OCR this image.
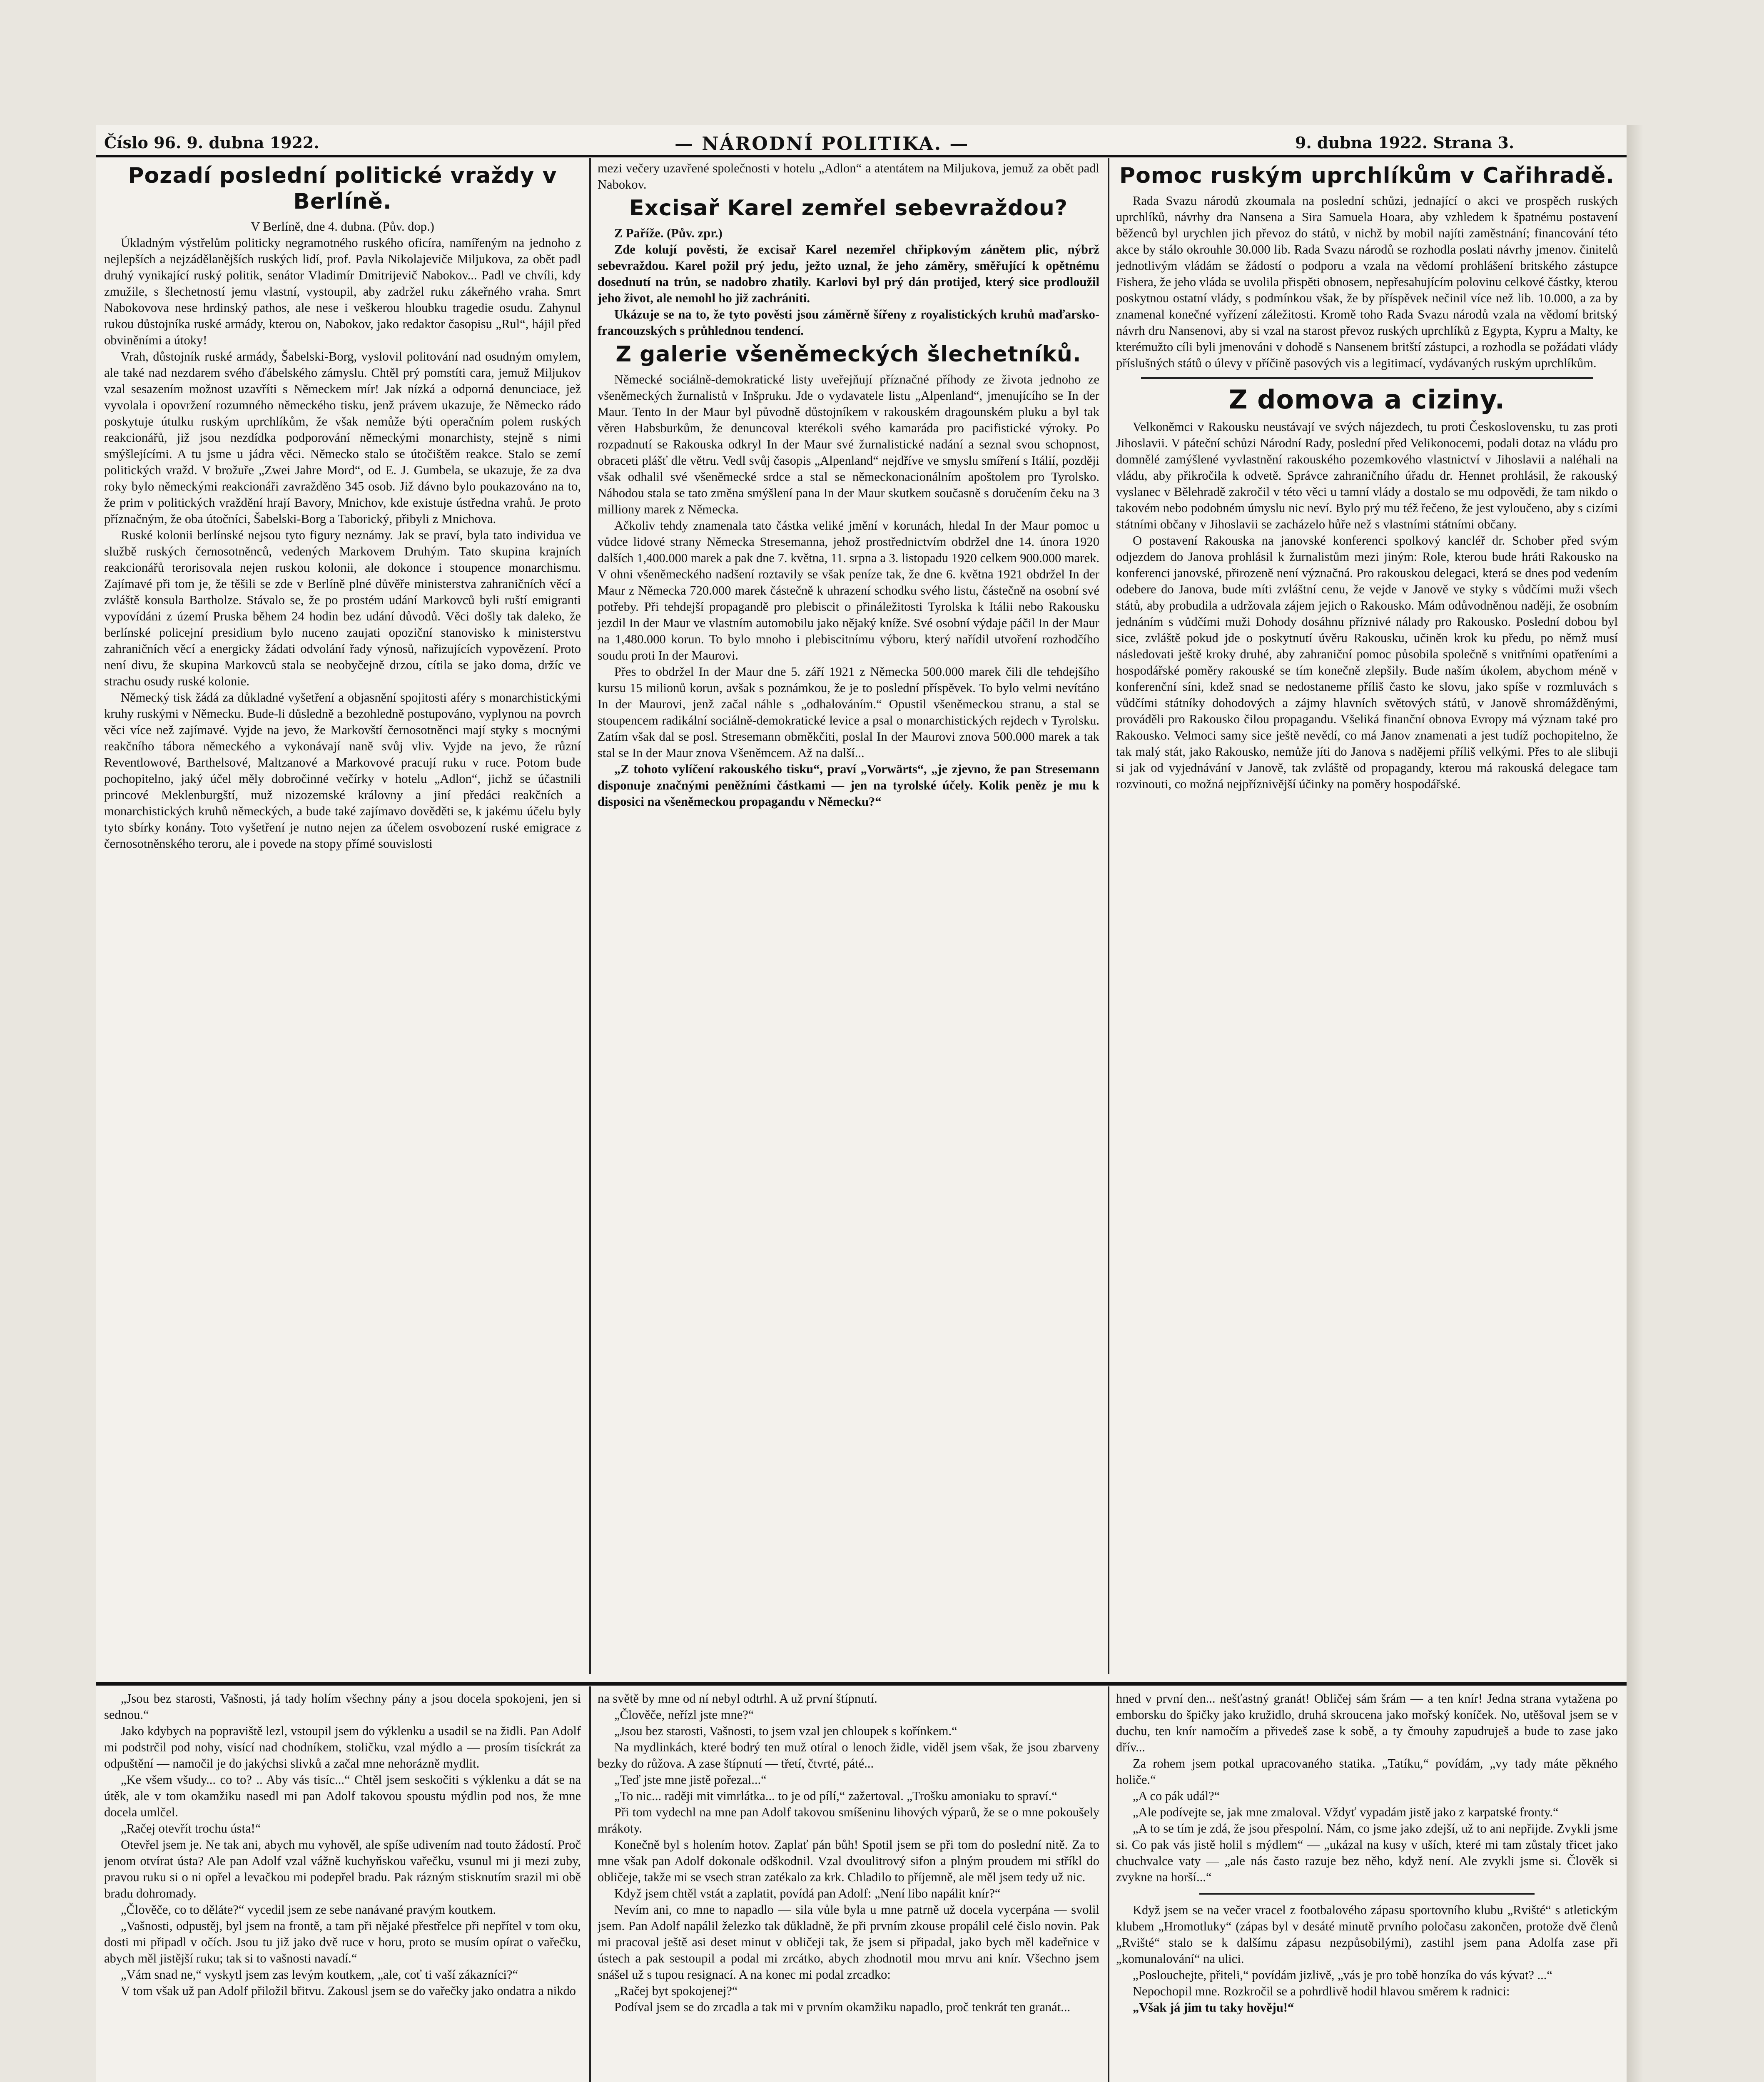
Číslo 96. 9. dubna 1922.	— NÁRODNÍ POLITIKA. —	9. dubna 1922. Strana 3.
Pozadí poslední politické vraždy v Berlíně.

V Berlíně, dne 4. dubna. (Pův. dop.)

Úkladným výstřelům politicky negramotného ruského oficíra, namířeným na jednoho z nejlepších a nejzádělanějších ruských lidí, prof. Pavla Nikolajeviče Miljukova, za obět padl druhý vynikající ruský politik, senátor Vladimír Dmitrijevič Nabokov... Padl ve chvíli, kdy zmužile, s šlechetností jemu vlastní, vystoupil, aby zadržel ruku zákeřného vraha. Smrt Nabokovova nese hrdinský pathos, ale nese i veškerou hloubku tragedie osudu. Zahynul rukou důstojníka ruské armády, kterou on, Nabokov, jako redaktor časopisu „Rul“, hájil před obviněními a útoky!

Vrah, důstojník ruské armády, Šabelski-Borg, vyslovil politování nad osudným omylem, ale také nad nezdarem svého ďábelského zámyslu. Chtěl prý pomstíti cara, jemuž Miljukov vzal sesazením možnost uzavříti s Německem mír! Jak nízká a odporná denunciace, jež vyvolala i opovržení rozumného německého tisku, jenž právem ukazuje, že Německo rádo poskytuje útulku ruským uprchlíkům, že však nemůže býti operačním polem ruských reakcionářů, již jsou nezdídka podporování německými monarchisty, stejně s nimi smýšlejícími. A tu jsme u jádra věci. Německo stalo se útočištěm reakce. Stalo se zemí politických vražd. V brožuře „Zwei Jahre Mord“, od E. J. Gumbela, se ukazuje, že za dva roky bylo německými reakcionáři zavražděno 345 osob. Již dávno bylo poukazováno na to, že prim v politických vraždění hrají Bavory, Mnichov, kde existuje ústředna vrahů. Je proto příznačným, že oba útočníci, Šabelski-Borg a Taborický, přibyli z Mnichova.

Ruské kolonii berlínské nejsou tyto figury neznámy. Jak se praví, byla tato individua ve službě ruských černosotněnců, vedených Markovem Druhým. Tato skupina krajních reakcionářů terorisovala nejen ruskou kolonii, ale dokonce i stoupence monarchismu. Zajímavé při tom je, že těšili se zde v Berlíně plné důvěře ministerstva zahraničních věcí a zvláště konsula Bartholze. Stávalo se, že po prostém udání Markovců byli ruští emigranti vypovídáni z území Pruska během 24 hodin bez udání důvodů. Věci došly tak daleko, že berlínské policejní presidium bylo nuceno zaujati opoziční stanovisko k ministerstvu zahraničních věcí a energicky žádati odvolání řady výnosů, nařizujících vypovězení. Proto není divu, že skupina Markovců stala se neobyčejně drzou, cítila se jako doma, držíc ve strachu osudy ruské kolonie.

Německý tisk žádá za důkladné vyšetření a objasnění spojitosti aféry s monarchistickými kruhy ruskými v Německu. Bude-li důsledně a bezohledně postupováno, vyplynou na povrch věci více než zajímavé. Vyjde na jevo, že Markovští černosotněnci mají styky s mocnými reakčního tábora německého a vykonávají naně svůj vliv. Vyjde na jevo, že různí Reventlowové, Barthelsové, Maltzanové a Markovové pracují ruku v ruce. Potom bude pochopitelno, jaký účel měly dobročinné večírky v hotelu „Adlon“, jichž se účastnili princové Meklenburgští, muž nizozemské královny a jiní předáci reakčních a monarchistických kruhů německých, a bude také zajímavo dověděti se, k jakému účelu byly tyto sbírky konány. Toto vyšetření je nutno nejen za účelem osvobození ruské emigrace z černosotněnského teroru, ale i povede na stopy přímé souvislosti

mezi večery uzavřené společnosti v hotelu „Adlon“ a atentátem na Miljukova, jemuž za obět padl Nabokov.

Excisař Karel zemřel sebevraždou?

Z Paříže. (Pův. zpr.)

Zde kolují pověsti, že excisař Karel nezemřel chřipkovým zánětem plic, nýbrž sebevraždou. Karel požil prý jedu, ježto uznal, že jeho záměry, směřující k opětnému dosednutí na trůn, se nadobro zhatily. Karlovi byl prý dán protijed, který sice prodloužil jeho život, ale nemohl ho již zachrániti.

Ukázuje se na to, že tyto pověsti jsou záměrně šířeny z royalistických kruhů maďarsko-francouzských s průhlednou tendencí.

Z galerie všeněmeckých šlechetníků.

Německé sociálně-demokratické listy uveřejňují příznačné příhody ze života jednoho ze všeněmeckých žurnalistů v Inšpruku. Jde o vydavatele listu „Alpenland“, jmenujícího se In der Maur. Tento In der Maur byl původně důstojníkem v rakouském dragounském pluku a byl tak věren Habsburkům, že denuncoval kterékoli svého kamaráda pro pacifistické výroky. Po rozpadnutí se Rakouska odkryl In der Maur své žurnalistické nadání a seznal svou schopnost, obraceti plášť dle větru. Vedl svůj časopis „Alpenland“ nejdříve ve smyslu smíření s Itálií, později však odhalil své všeněmecké srdce a stal se německonacionálním apoštolem pro Tyrolsko. Náhodou stala se tato změna smýšlení pana In der Maur skutkem současně s doručením čeku na 3 milliony marek z Německa.

Ačkoliv tehdy znamenala tato částka veliké jmění v korunách, hledal In der Maur pomoc u vůdce lidové strany Německa Stresemanna, jehož prostřednictvím obdržel dne 14. února 1920 dalších 1,400.000 marek a pak dne 7. května, 11. srpna a 3. listopadu 1920 celkem 900.000 marek. V ohni všeněmeckého nadšení roztavily se však peníze tak, že dne 6. května 1921 obdržel In der Maur z Německa 720.000 marek částečně k uhrazení schodku svého listu, částečně na osobní své potřeby. Při tehdejší propagandě pro plebiscit o přináležitosti Tyrolska k Itálii nebo Rakousku jezdil In der Maur ve vlastním automobilu jako nějaký kníže. Své osobní výdaje páčil In der Maur na 1,480.000 korun. To bylo mnoho i plebiscitnímu výboru, který nařídil utvoření rozhodčího soudu proti In der Maurovi.

Přes to obdržel In der Maur dne 5. září 1921 z Německa 500.000 marek čili dle tehdejšího kursu 15 milionů korun, avšak s poznámkou, že je to poslední příspěvek. To bylo velmi nevítáno In der Maurovi, jenž začal náhle s „odhalováním.“ Opustil všeněmeckou stranu, a stal se stoupencem radikální sociálně-demokratické levice a psal o monarchistických rejdech v Tyrolsku. Zatím však dal se posl. Stresemann obměkčiti, poslal In der Maurovi znova 500.000 marek a tak stal se In der Maur znova Všeněmcem. Až na další...

„Z tohoto vylíčení rakouského tisku“, praví „Vorwärts“, „je zjevno, že pan Stresemann disponuje značnými peněžními částkami — jen na tyrolské účely. Kolik peněz je mu k disposici na všeněmeckou propagandu v Německu?“

Pomoc ruským uprchlíkům v Cařihradě.

Rada Svazu národů zkoumala na poslední schůzi, jednající o akci ve prospěch ruských uprchlíků, návrhy dra Nansena a Sira Samuela Hoara, aby vzhledem k špatnému postavení běženců byl urychlen jich převoz do států, v nichž by mobil najíti zaměstnání; financování této akce by stálo okrouhle 30.000 lib. Rada Svazu národů se rozhodla poslati návrhy jmenov. činitelů jednotlivým vládám se žádostí o podporu a vzala na vědomí prohlášení britského zástupce Fishera, že jeho vláda se uvolila přispěti obnosem, nepřesahujícím polovinu celkové částky, kterou poskytnou ostatní vlády, s podmínkou však, že by příspěvek nečinil více než lib. 10.000, a za by znamenal konečné vyřízení záležitosti. Kromě toho Rada Svazu národů vzala na vědomí britský návrh dru Nansenovi, aby si vzal na starost převoz ruských uprchlíků z Egypta, Kypru a Malty, ke kterémužto cíli byli jmenováni v dohodě s Nansenem britští zástupci, a rozhodla se požádati vlády příslušných států o úlevy v příčině pasových vis a legitimací, vydávaných ruským uprchlíkům.

Z domova a ciziny.

Velkoněmci v Rakousku neustávají ve svých nájezdech, tu proti Československu, tu zas proti Jihoslavii. V páteční schůzi Národní Rady, poslední před Velikonocemi, podali dotaz na vládu pro domnělé zamýšlené vyvlastnění rakouského pozemkového vlastnictví v Jihoslavii a naléhali na vládu, aby přikročila k odvetě. Správce zahraničního úřadu dr. Hennet prohlásil, že rakouský vyslanec v Bělehradě zakročil v této věci u tamní vlády a dostalo se mu odpovědi, že tam nikdo o takovém nebo podobném úmyslu nic neví. Bylo prý mu též řečeno, že jest vyloučeno, aby s cizími státními občany v Jihoslavii se zacházelo hůře než s vlastními státními občany.

O postavení Rakouska na janovské konferenci spolkový kancléř dr. Schober před svým odjezdem do Janova prohlásil k žurnalistům mezi jiným: Role, kterou bude hráti Rakousko na konferenci janovské, přirozeně není význačná. Pro rakouskou delegaci, která se dnes pod vedením odebere do Janova, bude míti zvláštní cenu, že vejde v Janově ve styky s vůdčími muži všech států, aby probudila a udržovala zájem jejich o Rakousko. Mám odůvodněnou naději, že osobním jednáním s vůdčími muži Dohody dosáhnu příznivé nálady pro Rakousko. Poslední dobou byl sice, zvláště pokud jde o poskytnutí úvěru Rakousku, učiněn krok ku předu, po němž musí následovati ještě kroky druhé, aby zahraniční pomoc působila společně s vnitřními opatřeními a hospodářské poměry rakouské se tím konečně zlepšily. Bude naším úkolem, abychom méně v konferenční síni, kdež snad se nedostaneme příliš často ke slovu, jako spíše v rozmluvách s vůdčími státníky dohodových a zájmy hlavních světových států, v Janově shromážděnými, prováděli pro Rakousko čilou propagandu. Všeliká finanční obnova Evropy má význam také pro Rakousko. Velmoci samy sice ještě nevědí, co má Janov znamenati a jest tudíž pochopitelno, že tak malý stát, jako Rakousko, nemůže jíti do Janova s nadějemi příliš velkými. Přes to ale slibuji si jak od vyjednávání v Janově, tak zvláště od propagandy, kterou má rakouská delegace tam rozvinouti, co možná nejpříznivější účinky na poměry hospodářské.

„Jsou bez starosti, Vašnosti, já tady holím všechny pány a jsou docela spokojeni, jen si sednou.“

Jako kdybych na popraviště lezl, vstoupil jsem do výklenku a usadil se na židli. Pan Adolf mi podstrčil pod nohy, visící nad chodníkem, stoličku, vzal mýdlo a — prosím tisíckrát za odpuštění — namočil je do jakýchsi slivků a začal mne nehorázně mydlit.

„Ke všem všudy... co to? .. Aby vás tisíc...“ Chtěl jsem seskočiti s výklenku a dát se na útěk, ale v tom okamžiku nasedl mi pan Adolf takovou spoustu mýdlin pod nos, že mne docela umlčel.

„Račej otevřít trochu ústa!“

Otevřel jsem je. Ne tak ani, abych mu vyhověl, ale spíše udivením nad touto žádostí. Proč jenom otvírat ústa? Ale pan Adolf vzal vážně kuchyňskou vařečku, vsunul mi ji mezi zuby, pravou ruku si o ni opřel a levačkou mi podepřel bradu. Pak rázným stisknutím srazil mi obě bradu dohromady.

„Člověče, co to děláte?“ vycedil jsem ze sebe nanávané pravým koutkem.

„Vašnosti, odpustěj, byl jsem na frontě, a tam při nějaké přestřelce při nepřítel v tom oku, dosti mi připadl v očích. Jsou tu již jako dvě ruce v horu, proto se musím opírat o vařečku, abych měl jistější ruku; tak si to vašnosti navadí.“

„Vám snad ne,“ vyskytl jsem zas levým koutkem, „ale, coť ti vaší zákazníci?“

V tom však už pan Adolf přiložil břitvu. Zakousl jsem se do vařečky jako ondatra a nikdo

na světě by mne od ní nebyl odtrhl. A už první štípnutí.

„Člověče, neřízl jste mne?“

„Jsou bez starosti, Vašnosti, to jsem vzal jen chloupek s kořínkem.“

Na mydlinkách, které bodrý ten muž otíral o lenoch židle, viděl jsem však, že jsou zbarveny bezky do růžova. A zase štípnutí — třetí, čtvrté, páté...

„Teď jste mne jistě pořezal...“

„To nic... raději mit vimrlátka... to je od pílí,“ zažertoval. „Trošku amoniaku to spraví.“

Při tom vydechl na mne pan Adolf takovou smíšeninu lihových výparů, že se o mne pokoušely mrákoty.

Konečně byl s holením hotov. Zaplať pán bůh! Spotil jsem se při tom do poslední nitě. Za to mne však pan Adolf dokonale odškodnil. Vzal dvoulitrový sifon a plným proudem mi stříkl do obličeje, takže mi se vsech stran zatékalo za krk. Chladilo to příjemně, ale měl jsem tedy už nic.

Když jsem chtěl vstát a zaplatit, povídá pan Adolf: „Není libo napálit knír?“

Nevím ani, co mne to napadlo — sila vůle byla u mne patrně už docela vycerpána — svolil jsem. Pan Adolf napálil železko tak důkladně, že při prvním zkouse propálil celé čislo novin. Pak mi pracoval ještě asi deset minut v obličeji tak, že jsem si připadal, jako bych měl kadeřnice v ústech a pak sestoupil a podal mi zrcátko, abych zhodnotil mou mrvu ani knír. Všechno jsem snášel už s tupou resignací. A na konec mi podal zrcadko:

„Račej byt spokojenej?“

Podíval jsem se do zrcadla a tak mi v prvním okamžiku napadlo, proč tenkrát ten granát...

hned v první den... nešťastný granát! Obličej sám šrám — a ten knír! Jedna strana vytažena po emborsku do špičky jako kružidlo, druhá skroucena jako mořský koníček. No, utěšoval jsem se v duchu, ten knír namočím a přivedeš zase k sobě, a ty čmouhy zapudruješ a bude to zase jako dřív...

Za rohem jsem potkal upracovaného statika. „Tatíku,“ povídám, „vy tady máte pěkného holiče.“

„A co pák udál?“

„Ale podívejte se, jak mne zmaloval. Vždyť vypadám jistě jako z karpatské fronty.“

„A to se tím je zdá, že jsou přespolní. Nám, co jsme jako zdejší, už to ani nepřijde. Zvykli jsme si. Co pak vás jistě holil s mýdlem“ — „ukázal na kusy v uších, které mi tam zůstaly třicet jako chuchvalce vaty — „ale nás často razuje bez něho, když není. Ale zvykli jsme si. Člověk si zvykne na horší...“

Když jsem se na večer vracel z footbalového zápasu sportovního klubu „Rvišté“ s atletickým klubem „Hromotluky“ (zápas byl v desáté minutě prvního poločasu zakončen, protože dvě členů „Rvišté“ stalo se k dalšímu zápasu nezpůsobilými), zastihl jsem pana Adolfa zase při „komunalování“ na ulici.

„Poslouchejte, přiteli,“ povídám jizlivě, „vás je pro tobě honzíka do vás kývat? ...“

Nepochopil mne. Rozkročil se a pohrdlivě hodil hlavou směrem k radnici:

„Však já jim tu taky hověju!“
